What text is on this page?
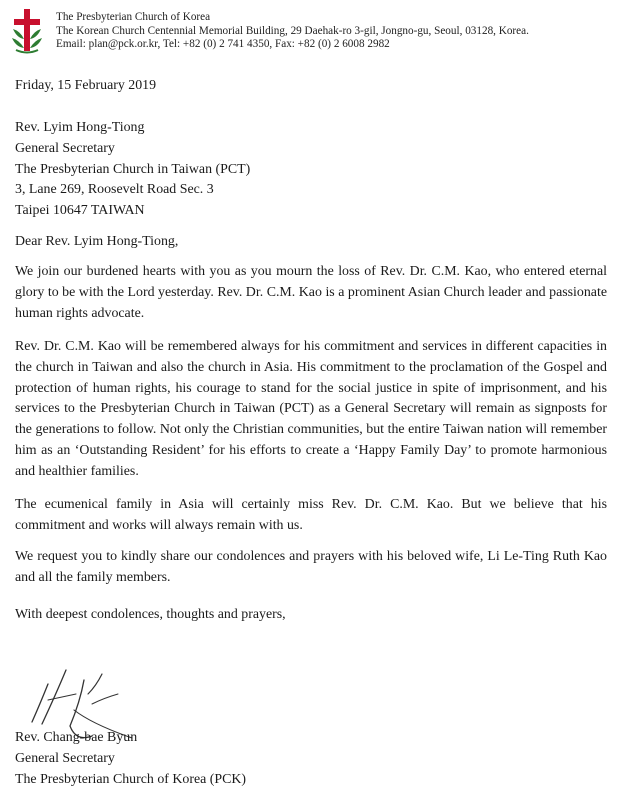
The Presbyterian Church of Korea
The Korean Church Centennial Memorial Building, 29 Daehak-ro 3-gil, Jongno-gu, Seoul, 03128, Korea.
Email: plan@pck.or.kr, Tel: +82 (0) 2 741 4350, Fax: +82 (0) 2 6008 2982

Friday, 15 February 2019

Rev. Lyim Hong-Tiong

General Secretary

The Presbyterian Church in Taiwan (PCT)

3, Lane 269, Roosevelt Road Sec. 3

Taipei 10647 TAIWAN

Dear Rev. Lyim Hong-Tiong,

We join our burdened hearts with you as you mourn the loss of Rev. Dr. C.M. Kao, who entered eternal glory to be with the Lord yesterday. Rev. Dr. C.M. Kao is a prominent Asian Church leader and passionate human rights advocate.

Rev. Dr. C.M. Kao will be remembered always for his commitment and services in different capacities in the church in Taiwan and also the church in Asia. His commitment to the proclamation of the Gospel and protection of human rights, his courage to stand for the social justice in spite of imprisonment, and his services to the Presbyterian Church in Taiwan (PCT) as a General Secretary will remain as signposts for the generations to follow. Not only the Christian communities, but the entire Taiwan nation will remember him as an ‘Outstanding Resident’ for his efforts to create a ‘Happy Family Day’ to promote harmonious and healthier families.

The ecumenical family in Asia will certainly miss Rev. Dr. C.M. Kao. But we believe that his commitment and works will always remain with us.

We request you to kindly share our condolences and prayers with his beloved wife, Li Le-Ting Ruth Kao and all the family members.

With deepest condolences, thoughts and prayers,

Rev. Chang-bae Byun

General Secretary

The Presbyterian Church of Korea (PCK)
